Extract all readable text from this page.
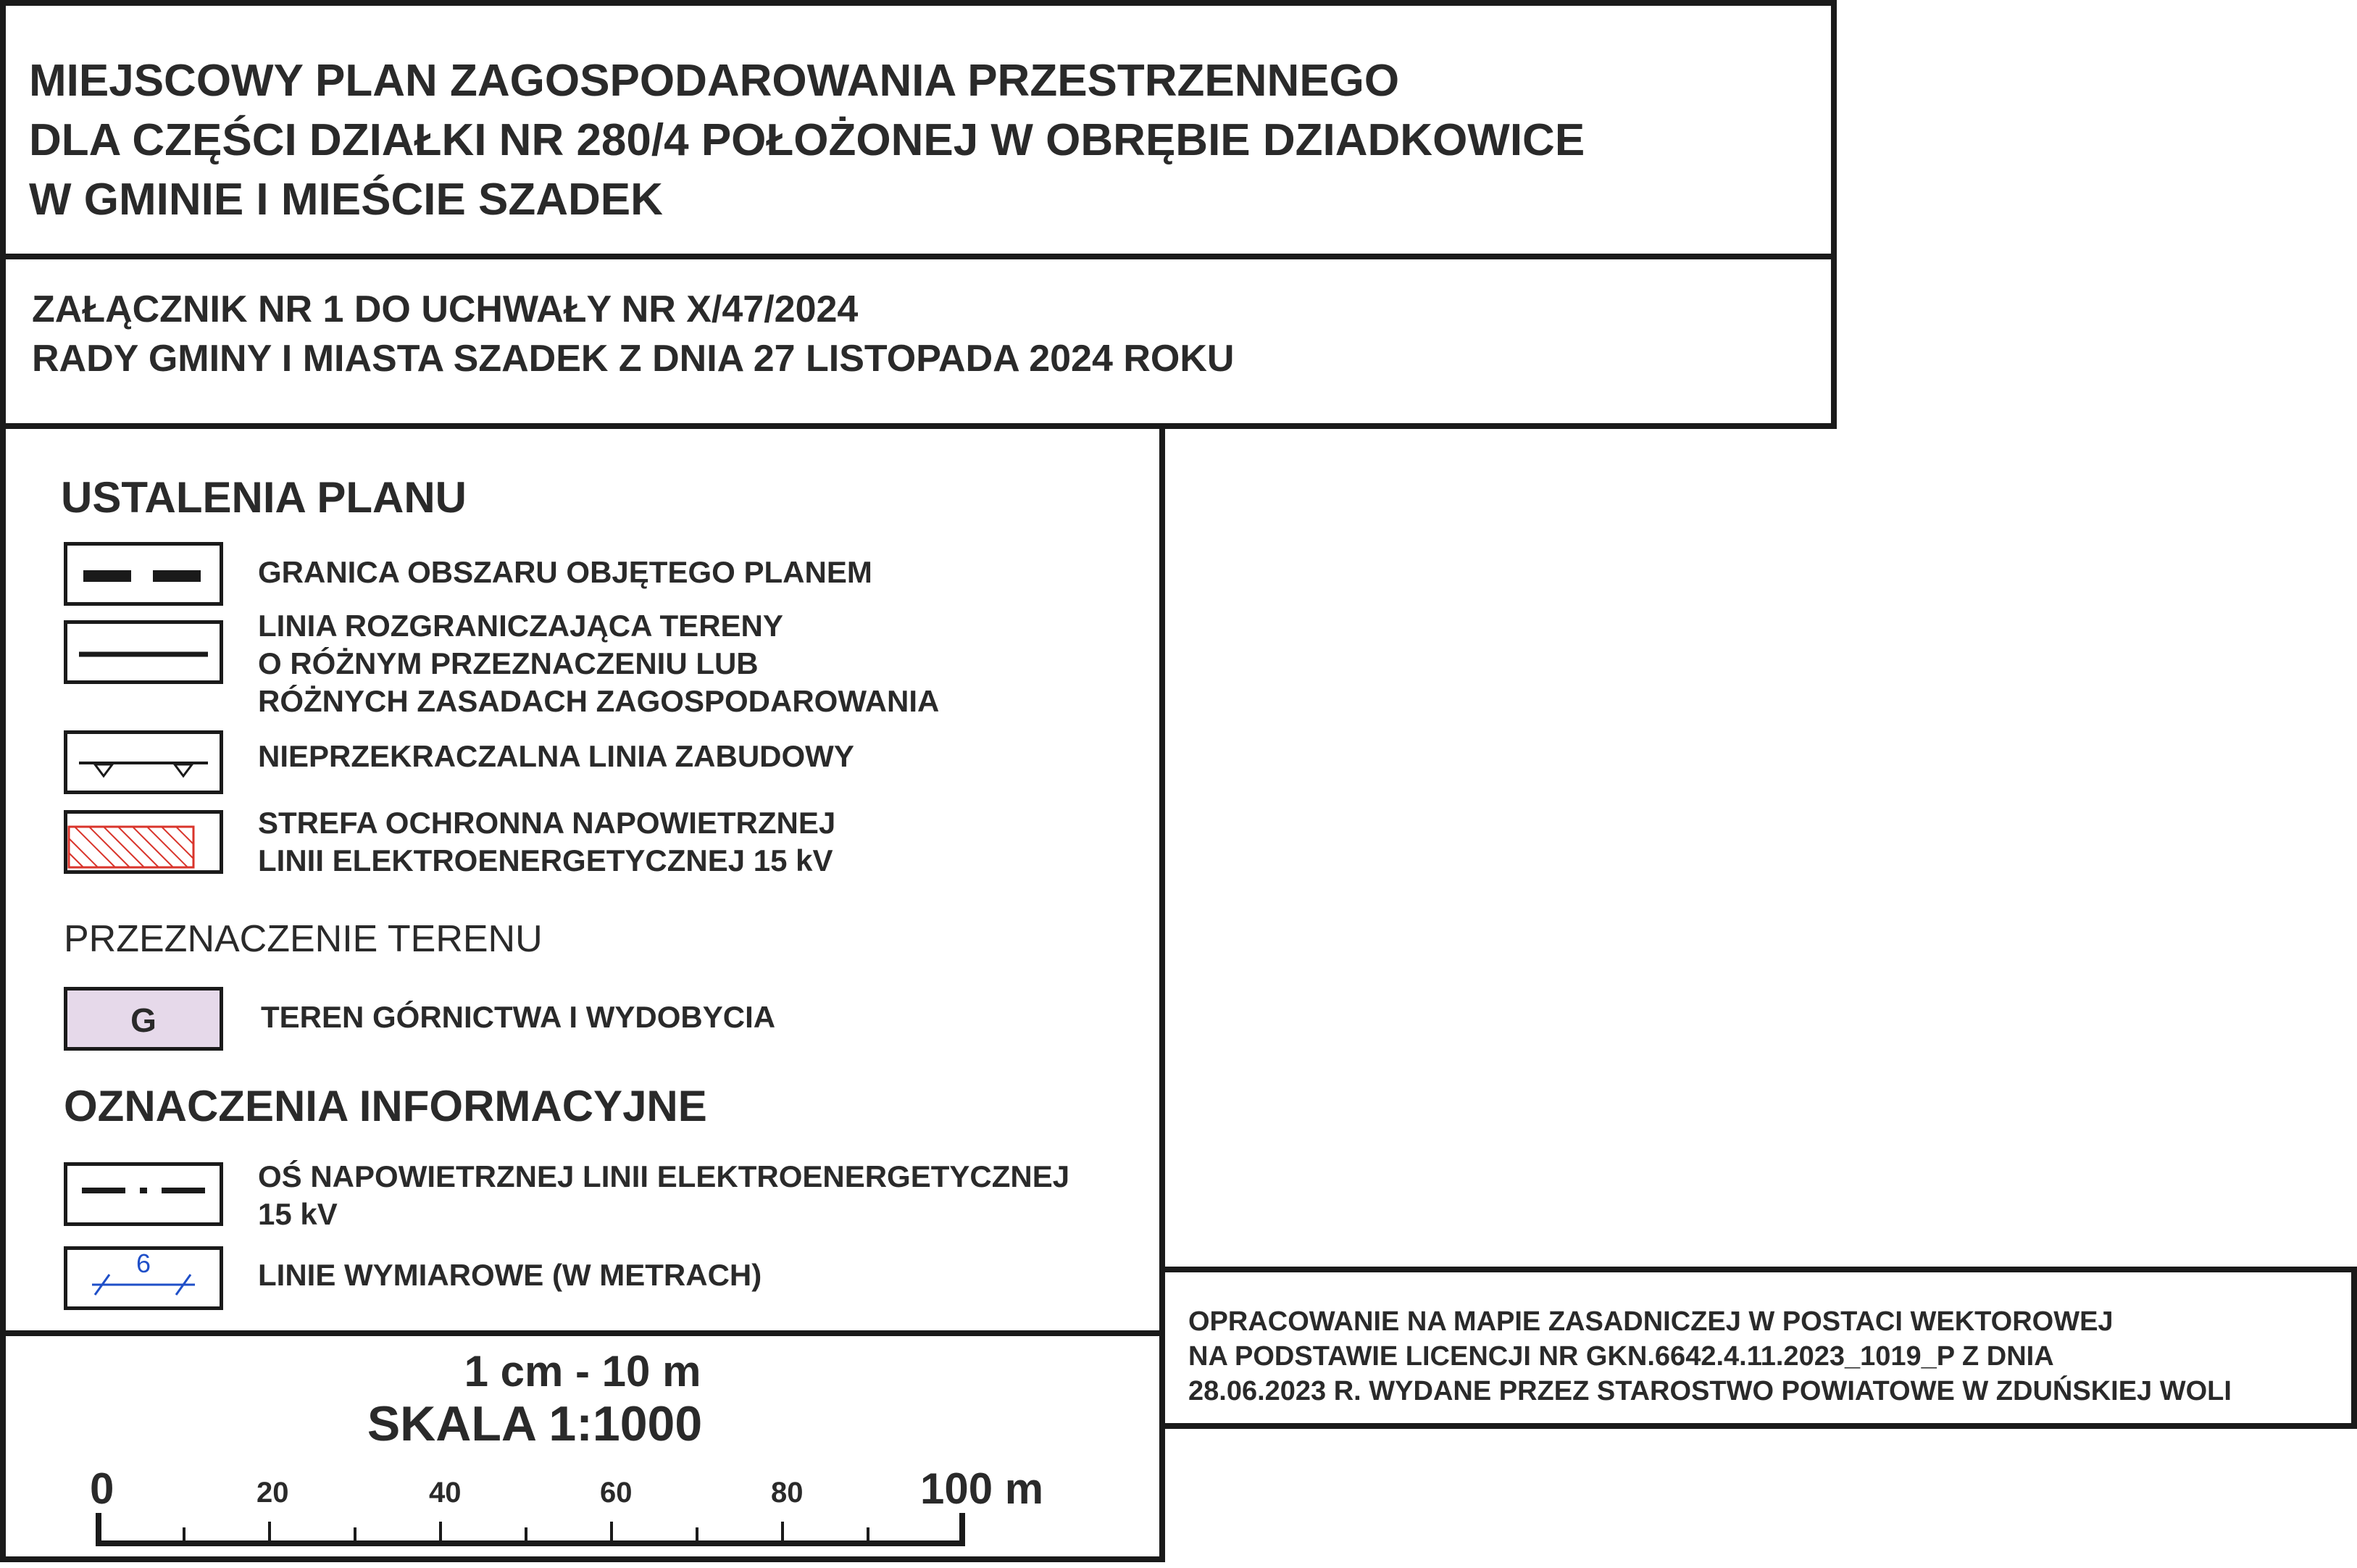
MIEJSCOWY PLAN ZAGOSPODAROWANIA PRZESTRZENNEGO
DLA CZĘŚCI DZIAŁKI NR 280/4 POŁOŻONEJ W OBRĘBIE DZIADKOWICE
W GMINIE I MIEŚCIE SZADEK
ZAŁĄCZNIK NR 1 DO UCHWAŁY NR X/47/2024
RADY GMINY I MIASTA SZADEK Z DNIA 27 LISTOPADA 2024 ROKU
USTALENIA PLANU
GRANICA OBSZARU OBJĘTEGO PLANEM
LINIA ROZGRANICZAJĄCA TERENY
O RÓŻNYM PRZEZNACZENIU LUB
RÓŻNYCH ZASADACH ZAGOSPODAROWANIA
NIEPRZEKRACZALNA LINIA ZABUDOWY
STREFA OCHRONNA NAPOWIETRZNEJ
LINII ELEKTROENERGETYCZNEJ 15 kV
PRZEZNACZENIE TERENU
G	TEREN GÓRNICTWA I WYDOBYCIA
OZNACZENIA INFORMACYJNE
OŚ NAPOWIETRZNEJ LINII ELEKTROENERGETYCZNEJ
15 kV
6	LINIE WYMIAROWE (W METRACH)
1 cm - 10 m
SKALA 1:1000
0	20	40	60	80	100 m
OPRACOWANIE NA MAPIE ZASADNICZEJ W POSTACI WEKTOROWEJ
NA PODSTAWIE LICENCJI NR GKN.6642.4.11.2023_1019_P Z DNIA
28.06.2023 R. WYDANE PRZEZ STAROSTWO POWIATOWE W ZDUŃSKIEJ WOLI
